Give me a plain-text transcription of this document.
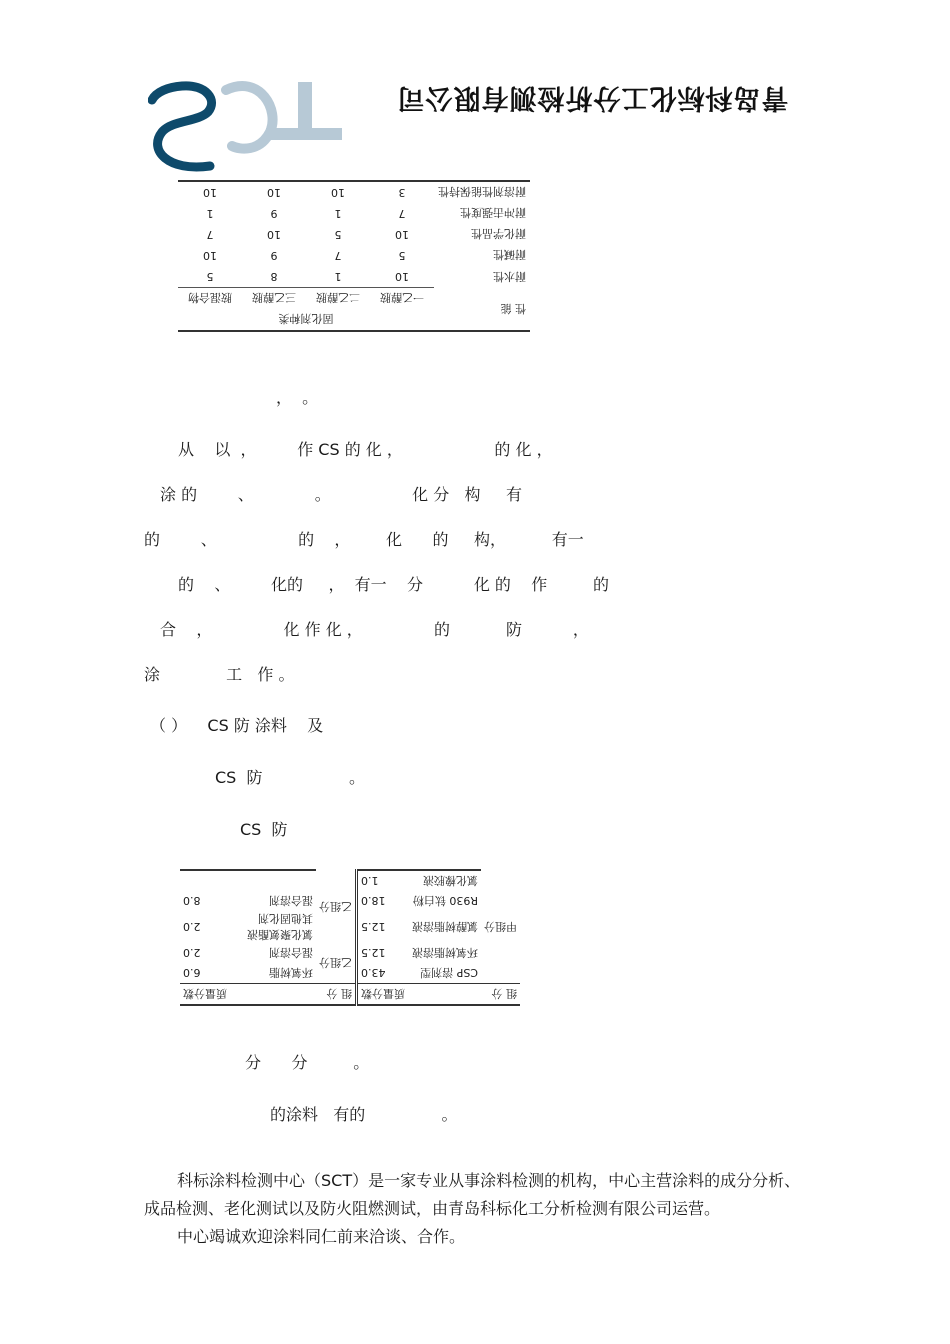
青岛科标化工分析检测有限公司
性 能	固化剂种类			
	一乙醇胺	二乙醇胺	三乙醇胺	胺混合物
耐水性	10	1	8	5
耐碱性	5	7	9	10
耐化学品性	10	5	10	7
耐冲击强度性	7	1	9	1
耐溶剂性能保持性	3	10	10	10
，  。
从    以  ，        作 CS 的 化 ，                  的 化 ，
涂 的        、            。                化 分   构     有
的        、                的    ，       化      的     构，         有一
的    、        化的     ，  有一    分          化 的    作         的
合    ，              化 作 化 ，              的           防          ，
涂             工   作 。
（ ）    CS 防 涂料    及
CS  防                 。
CS  防
组 分		质量分数	组 分		质量分数
甲组分	CSP 溶剂型	43.0	乙组分	环氧树脂	6.0
	环氧树脂溶液	12.5		混合溶剂	2.0
	氯醇树脂溶液	12.5	乙组分	氯化聚氨酯液 其他固化剂	2.0
	R930 钛白粉	18.0		混合溶剂	8.0
	氯化橡胶液	1.0			
分      分         。
的涂料   有的               。
科标涂料检测中心（SCT）是一家专业从事涂料检测的机构，中心主营涂料的成分分析、成品检测、老化测试以及防火阻燃测试，由青岛科标化工分析检测有限公司运营。
中心竭诚欢迎涂料同仁前来洽谈、合作。
